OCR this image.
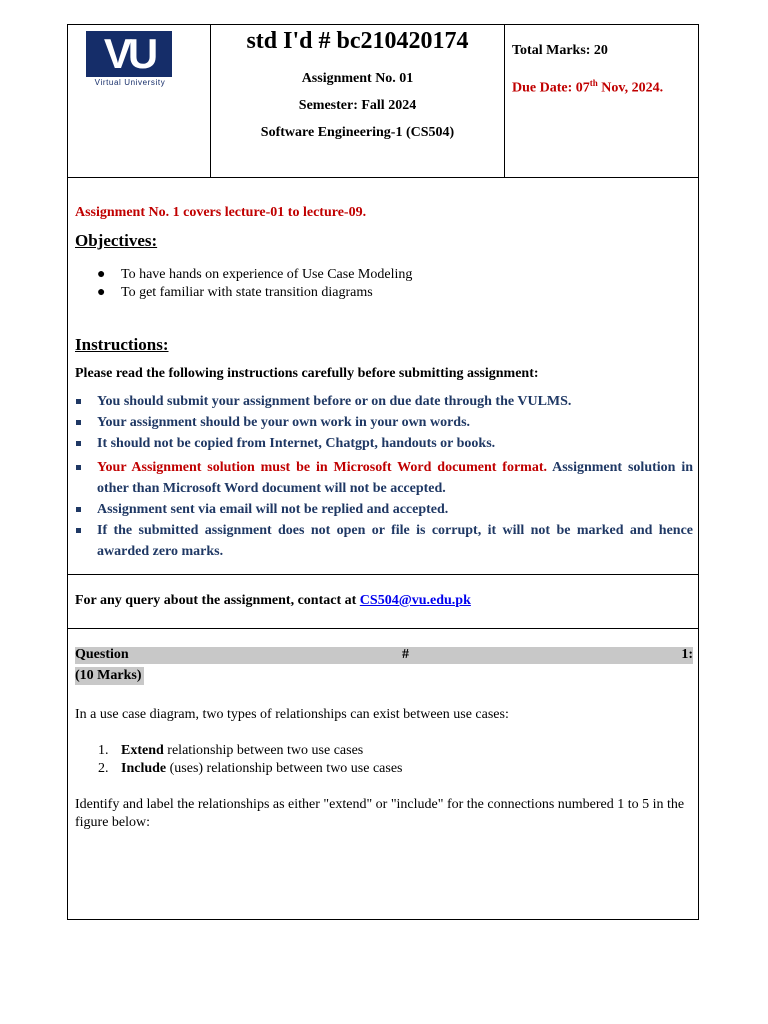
VU
Virtual University
std I'd # bc210420174
Assignment No. 01
Semester: Fall 2024
Software Engineering-1 (CS504)
Total Marks: 20
Due Date: 07th Nov, 2024.
Assignment No. 1 covers lecture-01 to lecture-09.
Objectives:
● To have hands on experience of Use Case Modeling
● To get familiar with state transition diagrams
Instructions:
Please read the following instructions carefully before submitting assignment:
You should submit your assignment before or on due date through the VULMS.
Your assignment should be your own work in your own words.
It should not be copied from Internet, Chatgpt, handouts or books.
Your Assignment solution must be in Microsoft Word document format. Assignment solution in other than Microsoft Word document will not be accepted.
Assignment sent via email will not be replied and accepted.
If the submitted assignment does not open or file is corrupt, it will not be marked and hence awarded zero marks.
For any query about the assignment, contact at CS504@vu.edu.pk
Question	#	1:
(10 Marks)
In a use case diagram, two types of relationships can exist between use cases:
1. Extend relationship between two use cases
2. Include (uses) relationship between two use cases
Identify and label the relationships as either "extend" or "include" for the connections numbered 1 to 5 in the figure below:
